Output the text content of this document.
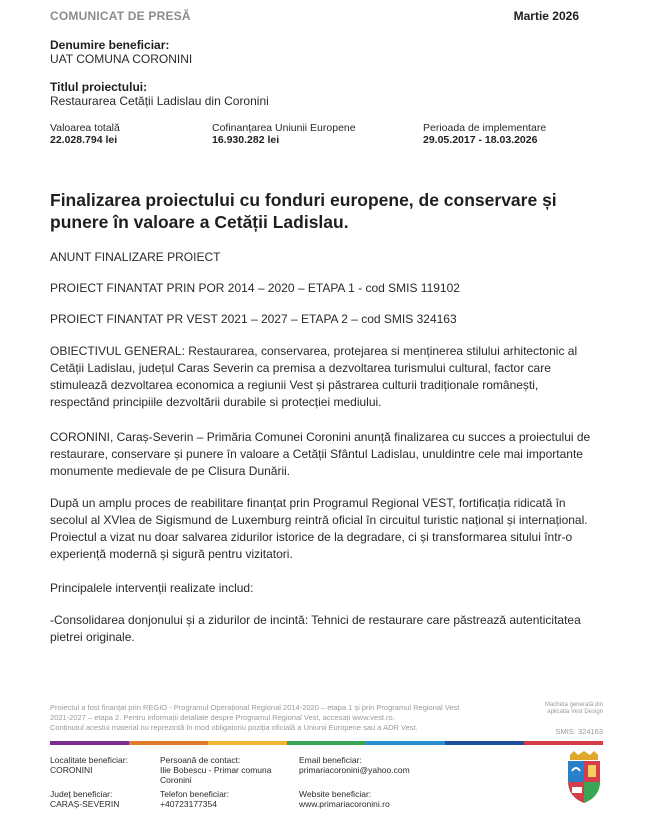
COMUNICAT DE PRESĂ	Martie 2026
Denumire beneficiar:
UAT COMUNA CORONINI
Titlul proiectului:
Restaurarea Cetății Ladislau din Coronini
Valoarea totală
22.028.794 lei
Cofinanțarea Uniunii Europene
16.930.282 lei
Perioada de implementare
29.05.2017 - 18.03.2026
Finalizarea proiectului cu fonduri europene, de conservare și punere în valoare a Cetății Ladislau.

ANUNT FINALIZARE PROIECT

PROIECT FINANTAT PRIN POR 2014 – 2020 – ETAPA 1 - cod SMIS 119102

PROIECT FINANTAT PR VEST 2021 – 2027 – ETAPA 2 – cod SMIS 324163

OBIECTIVUL GENERAL: Restaurarea, conservarea, protejarea si menținerea stilului arhitectonic al Cetății Ladislau, județul Caras Severin ca premisa a dezvoltarea turismului cultural, factor care stimulează dezvoltarea economica a regiunii Vest și păstrarea culturii tradiționale românești, respectând principiile dezvoltării durabile si protecției mediului.

CORONINI, Caraș-Severin – Primăria Comunei Coronini anunță finalizarea cu succes a proiectului de restaurare, conservare și punere în valoare a Cetății Sfântul Ladislau, unuldintre cele mai importante monumente medievale de pe Clisura Dunării.

După un amplu proces de reabilitare finanțat prin Programul Regional VEST, fortificația ridicată în secolul al XVlea de Sigismund de Luxemburg reintră oficial în circuitul turistic național și internațional. Proiectul a vizat nu doar salvarea zidurilor istorice de la degradare, ci și transformarea sitului într-o experiență modernă și sigură pentru vizitatori.

Principalele intervenții realizate includ:

-Consolidarea donjonului și a zidurilor de incintă: Tehnici de restaurare care păstrează autenticitatea pietrei originale.

Proiectul a fost finanțat prin REGIO - Programul Operațional Regional 2014-2020 – etapa 1 și prin Programul Regional Vest
2021-2027 – etapa 2. Pentru informații detaliate despre Programul Regional Vest, accesați www.vest.ro.
Conținutul acestui material nu reprezintă în mod obligatoriu poziția oficială a Uniunii Europene sau a ADR Vest.
Macheta generată din
aplicația Vest Design
SMIS: 324163
Localitate beneficiar:
CORONINI
Persoană de contact:
Ilie Bobescu - Primar comuna Coronini
Email beneficiar:
primariacoronini@yahoo.com
Județ beneficiar:
CARAȘ-SEVERIN
Telefon beneficiar:
+40723177354
Website beneficiar:
www.primariacoronini.ro
